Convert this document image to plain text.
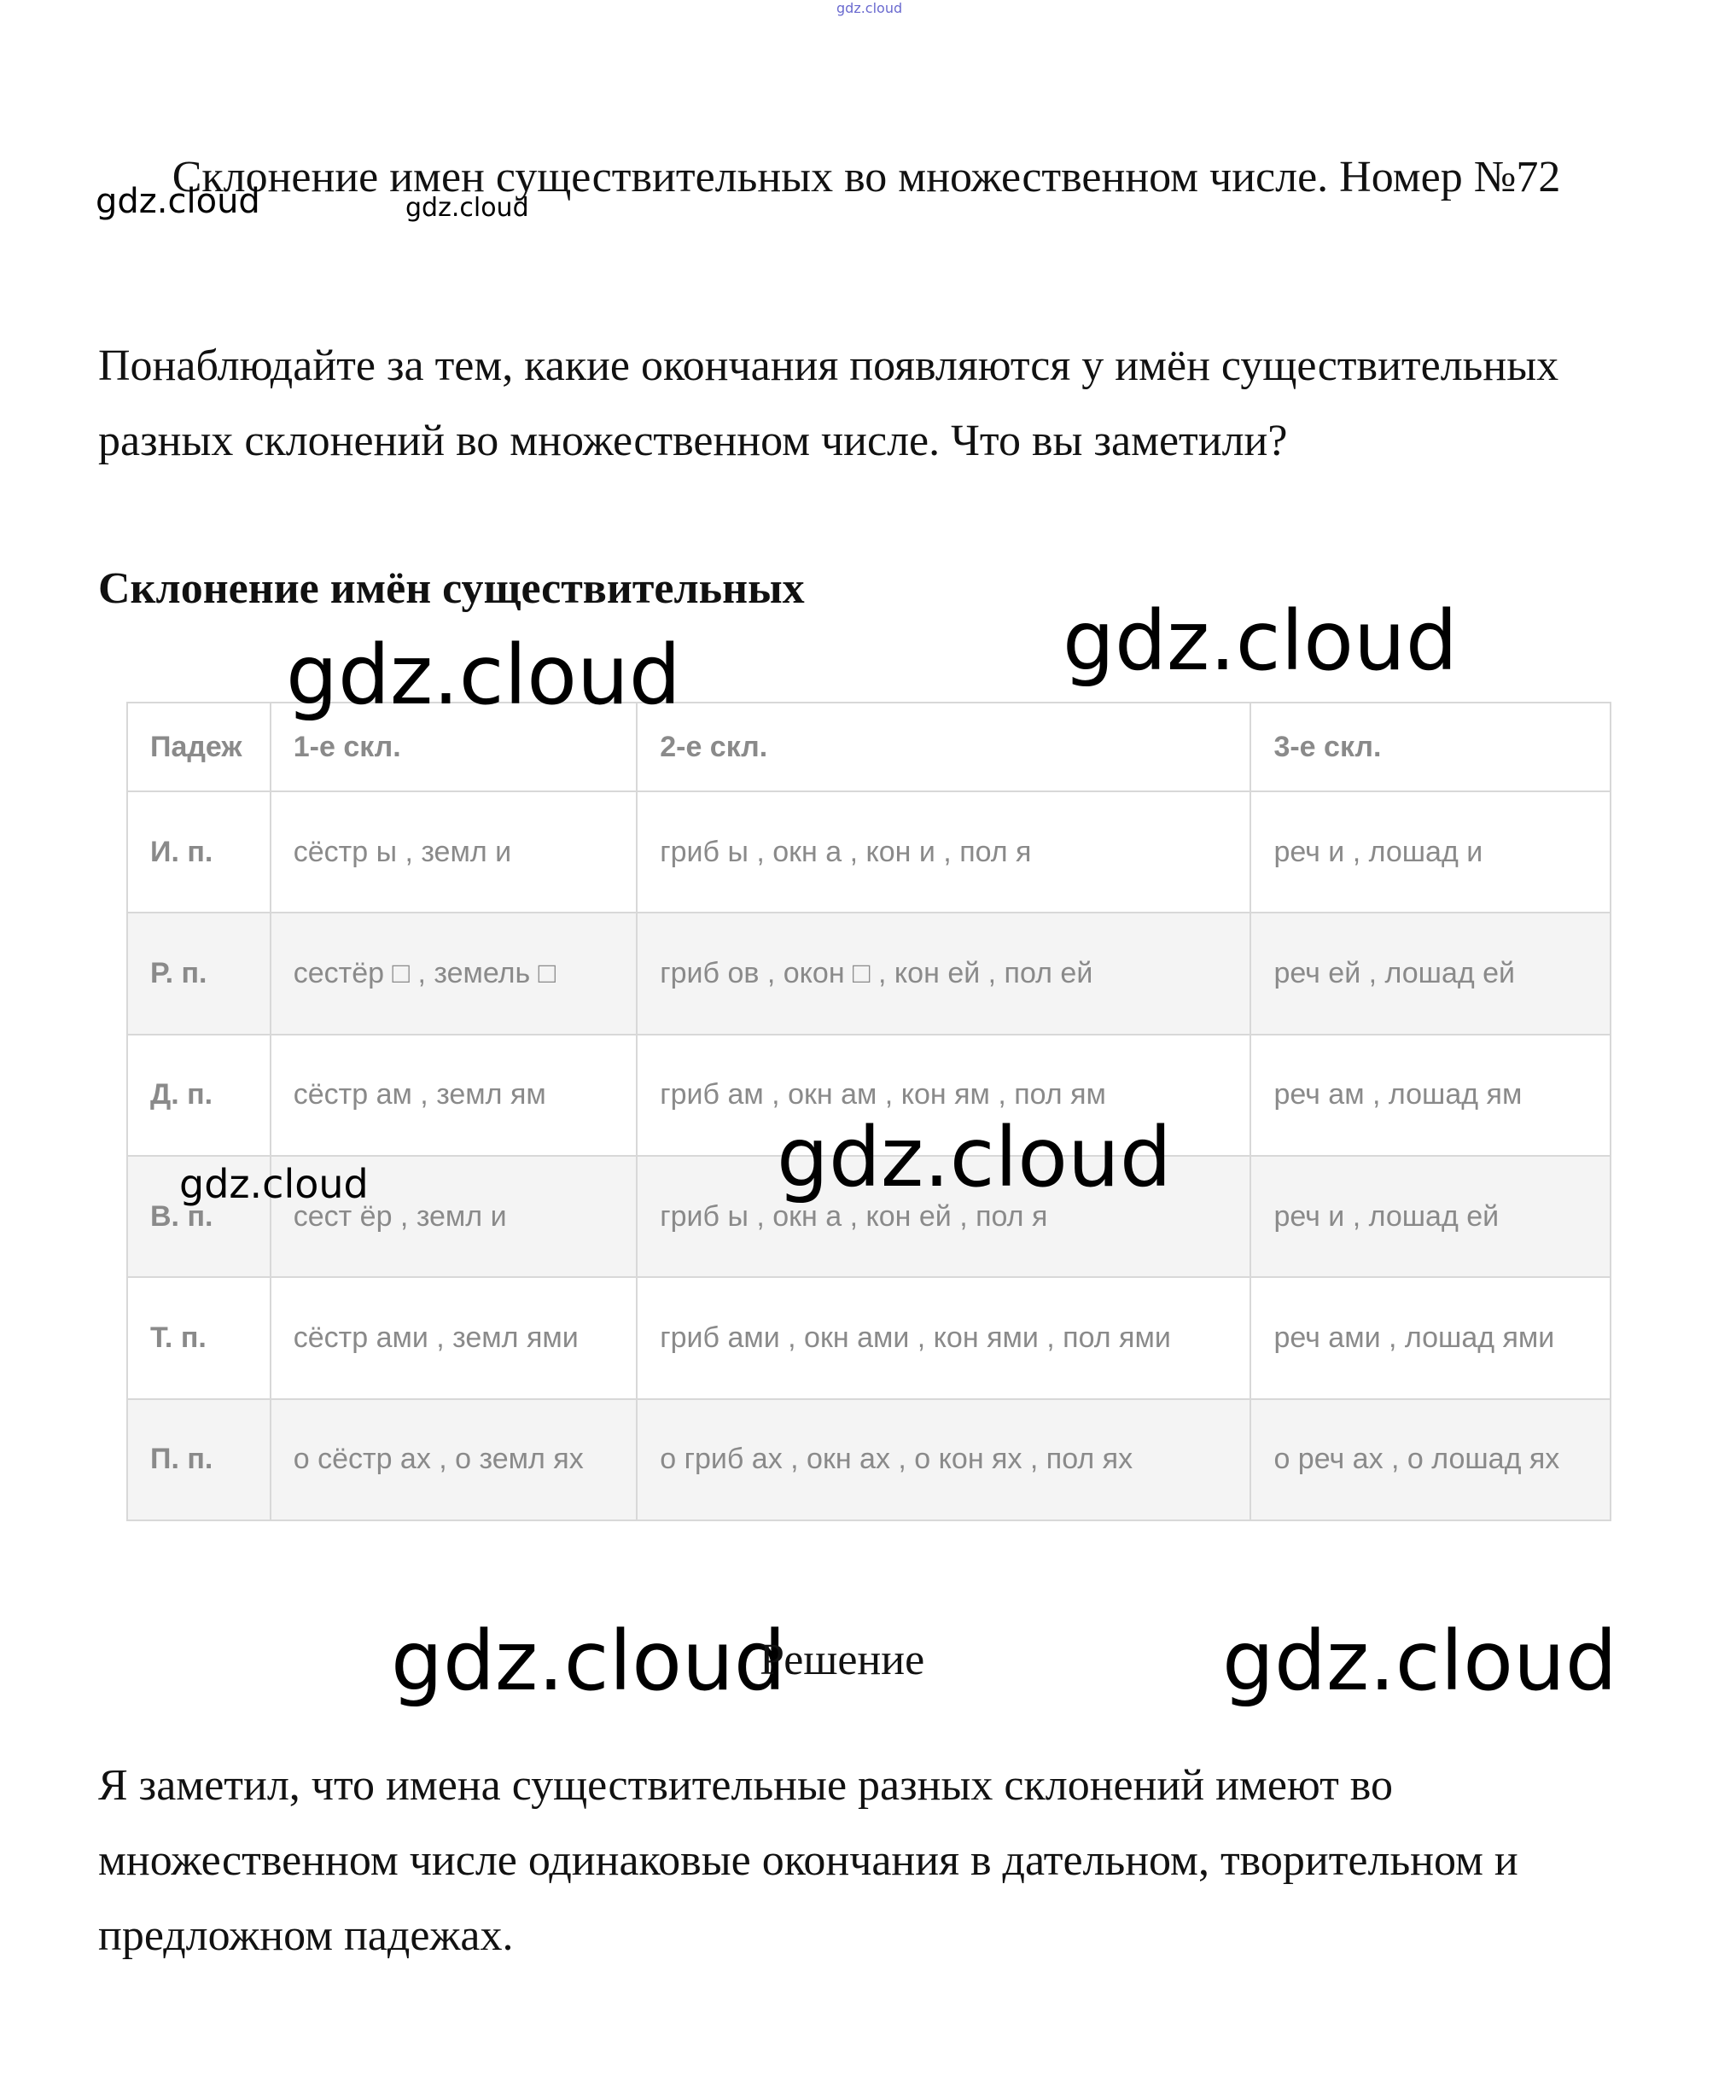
gdz.cloud
Склонение имен существительных во множественном числе. Номер №72
gdz.cloud	gdz.cloud
Понаблюдайте за тем, какие окончания появляются у имён существительных разных склонений во множественном числе. Что вы заметили?
Склонение имён существительных
Падеж	1-е скл.	2-е скл.	3-е скл.
И. п.	сёстр ы , земл и	гриб ы , окн а , кон и , пол я	реч и , лошад и
Р. п.	сестёр □ , земель □	гриб ов , окон □ , кон ей , пол ей	реч ей , лошад ей
Д. п.	сёстр ам , земл ям	гриб ам , окн ам , кон ям , пол ям	реч ам , лошад ям
В. п.	сест ёр , земл и	гриб ы , окн а , кон ей , пол я	реч и , лошад ей
Т. п.	сёстр ами , земл ями	гриб ами , окн ами , кон ями , пол ями	реч ами , лошад ями
П. п.	о сёстр ах , о земл ях	о гриб ах , окн ах , о кон ях , пол ях	о реч ах , о лошад ях
gdz.cloud	gdz.cloud
gdz.cloud
gdz.cloud
gdz.cloud
Решение	gdz.cloud
Я заметил, что имена существительные разных склонений имеют во множественном числе одинаковые окончания в дательном, творительном и предложном падежах.
